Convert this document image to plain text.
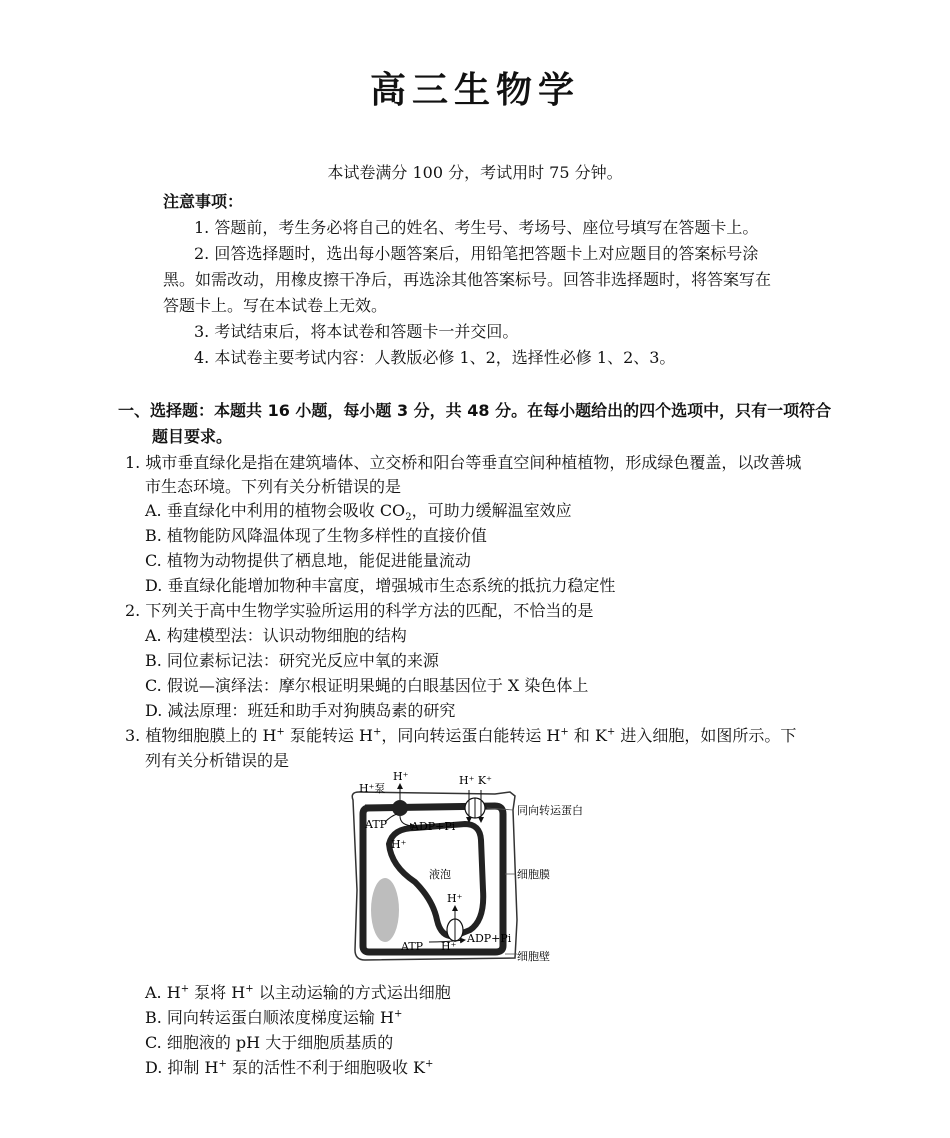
高三生物学
本试卷满分 100 分，考试用时 75 分钟。
注意事项：
1. 答题前，考生务必将自己的姓名、考生号、考场号、座位号填写在答题卡上。
2. 回答选择题时，选出每小题答案后，用铅笔把答题卡上对应题目的答案标号涂
黑。如需改动，用橡皮擦干净后，再选涂其他答案标号。回答非选择题时，将答案写在
答题卡上。写在本试卷上无效。
3. 考试结束后，将本试卷和答题卡一并交回。
4. 本试卷主要考试内容：人教版必修 1、2，选择性必修 1、2、3。
一、选择题：本题共 16 小题，每小题 3 分，共 48 分。在每小题给出的四个选项中，只有一项符合
题目要求。
1. 城市垂直绿化是指在建筑墙体、立交桥和阳台等垂直空间种植植物，形成绿色覆盖，以改善城
市生态环境。下列有关分析错误的是
A. 垂直绿化中利用的植物会吸收 $CO_2$，可助力缓解温室效应
B. 植物能防风降温体现了生物多样性的直接价值
C. 植物为动物提供了栖息地，能促进能量流动
D. 垂直绿化能增加物种丰富度，增强城市生态系统的抵抗力稳定性
2. 下列关于高中生物学实验所运用的科学方法的匹配，不恰当的是
A. 构建模型法：认识动物细胞的结构
B. 同位素标记法：研究光反应中氧的来源
C. 假说—演绎法：摩尔根证明果蝇的白眼基因位于 X 染色体上
D. 减法原理：班廷和助手对狗胰岛素的研究
3. 植物细胞膜上的 H+ 泵能转运 H+，同向转运蛋白能转运 H+ 和 K+ 进入细胞，如图所示。下
列有关分析错误的是
H⁺泵
H⁺	H⁺ K⁺
同向转运蛋白
ATP ADP+Pi
H⁺
液泡	细胞膜
H⁺
ATP H⁺
ADP+Pi
细胞壁
A. H+ 泵将 H+ 以主动运输的方式运出细胞
B. 同向转运蛋白顺浓度梯度运输 H+
C. 细胞液的 pH 大于细胞质基质的
D. 抑制 H+ 泵的活性不利于细胞吸收 K+
